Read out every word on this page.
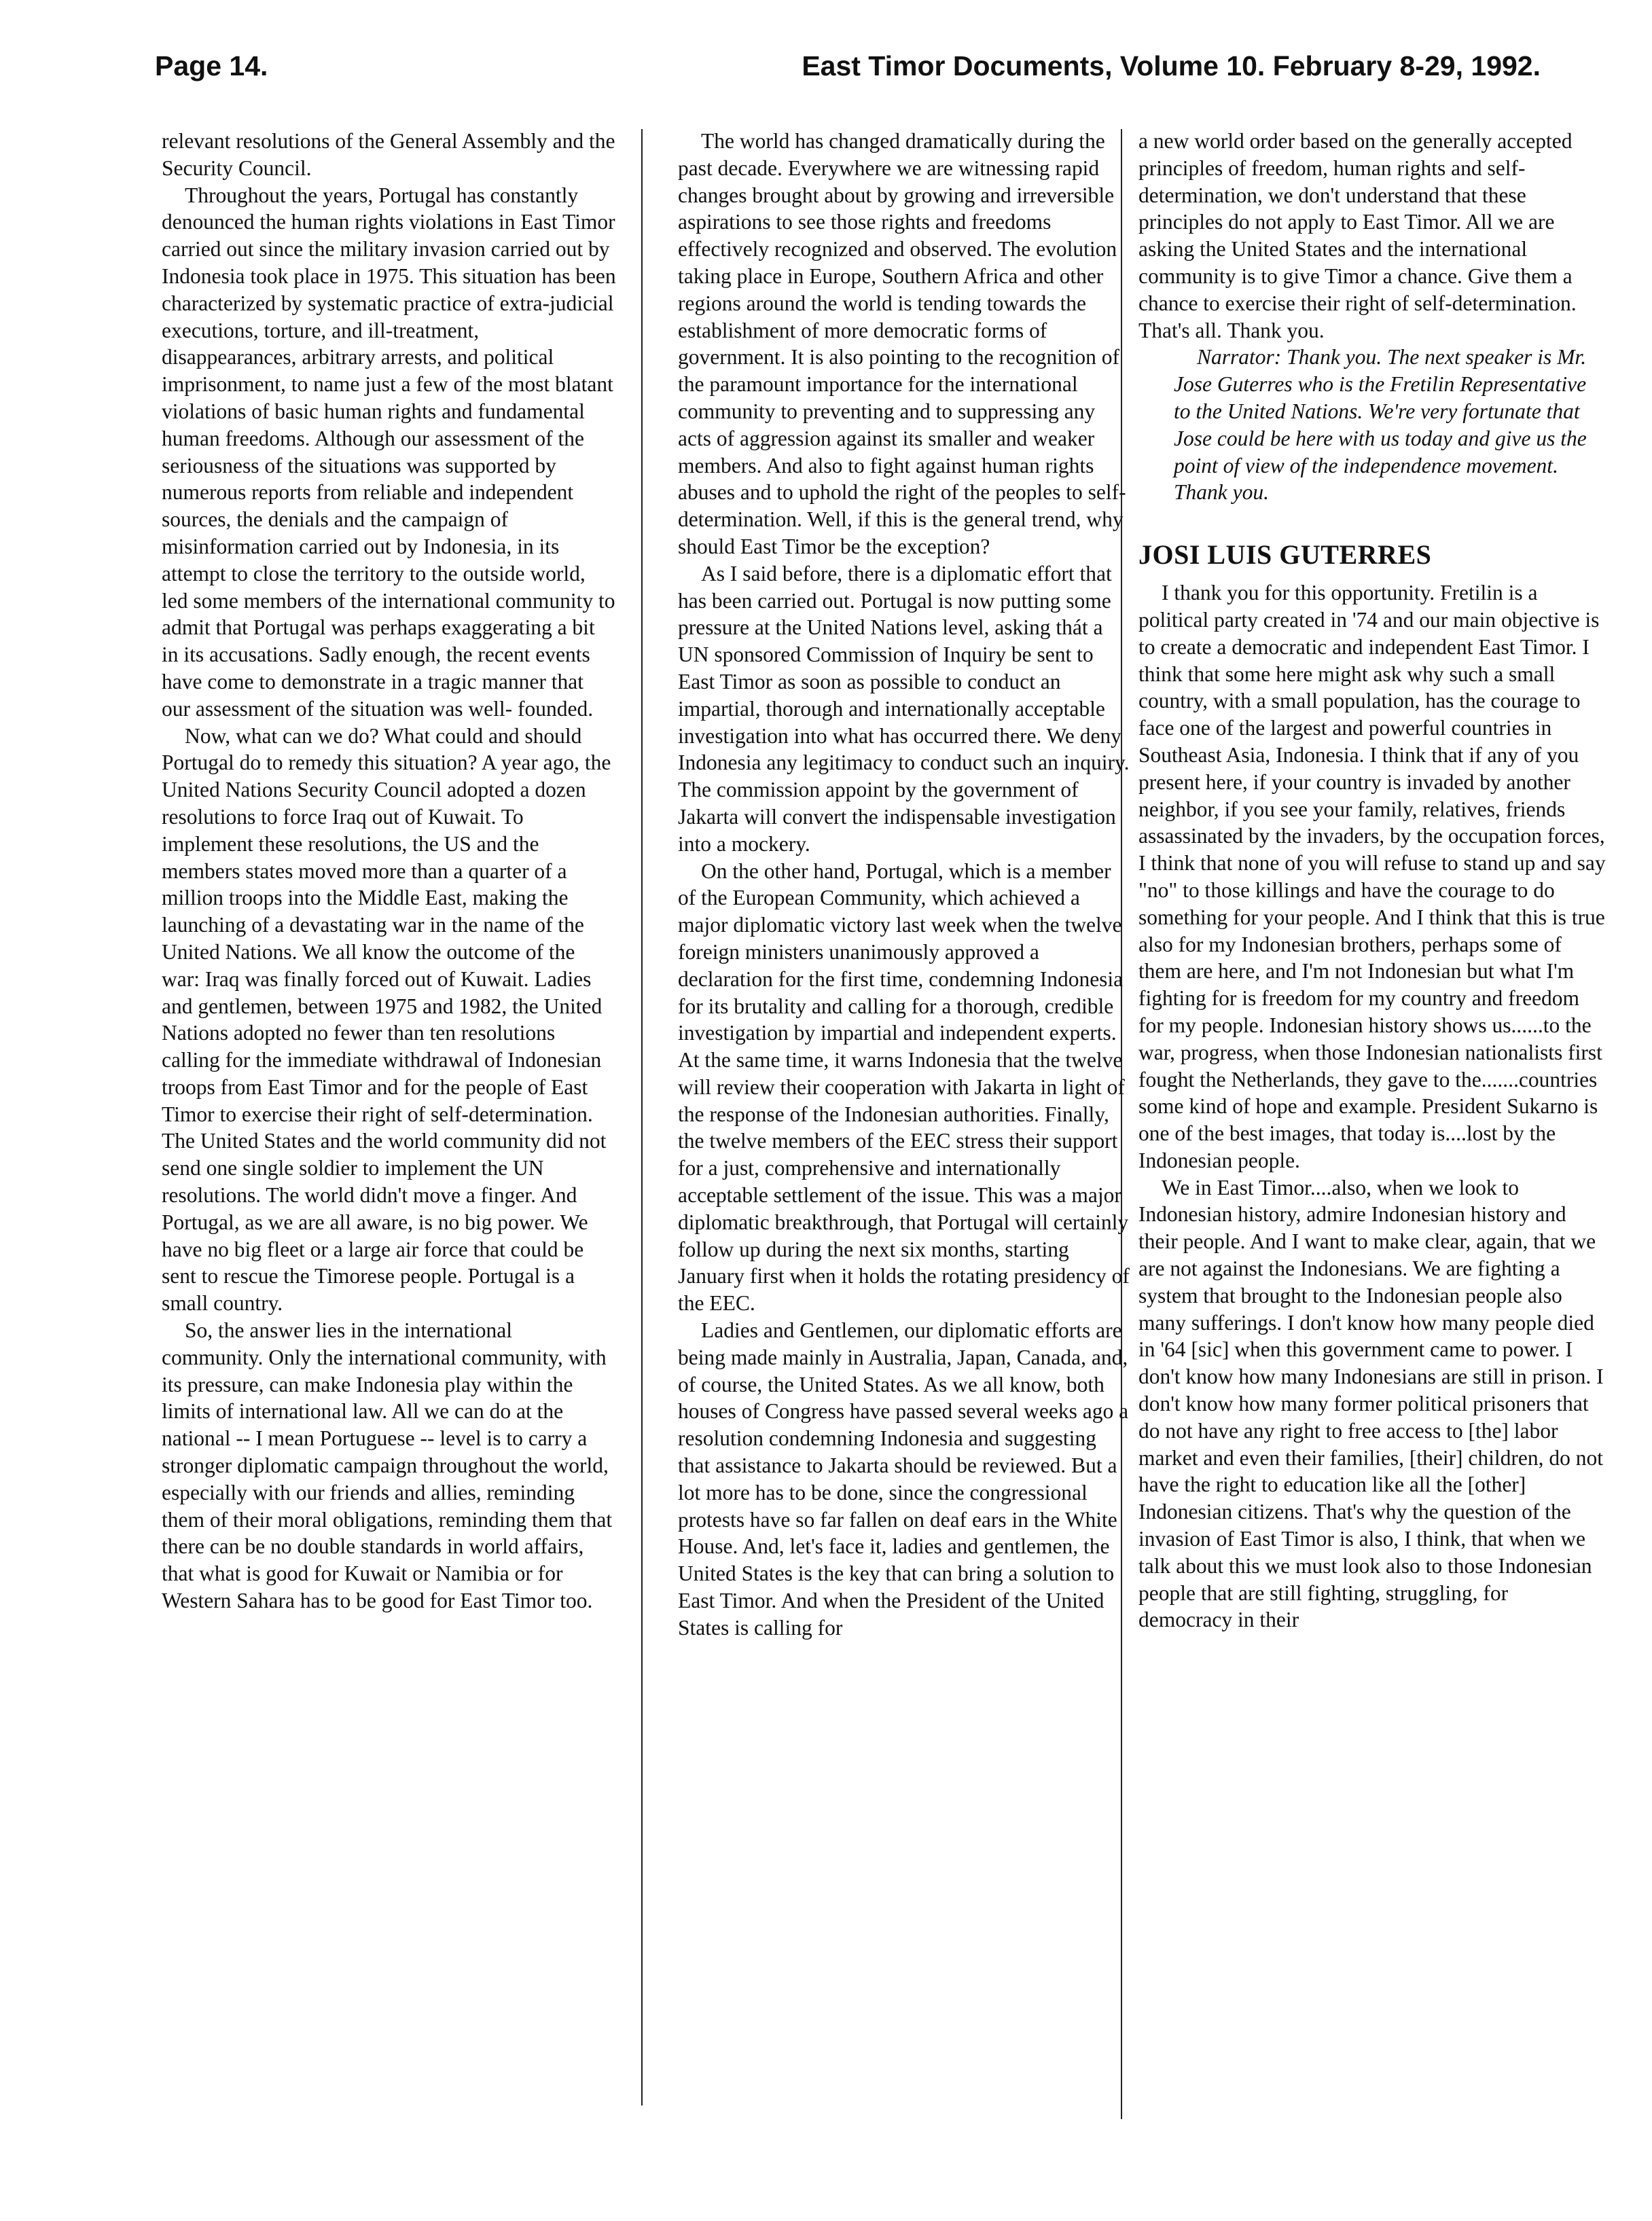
Page 14.	East Timor Documents, Volume 10. February 8-29, 1992.

relevant resolutions of the General Assembly and the Security Council.

Throughout the years, Portugal has constantly denounced the human rights violations in East Timor carried out since the military invasion carried out by Indonesia took place in 1975. This situation has been characterized by systematic practice of extra-judicial executions, torture, and ill-treatment, disappearances, arbitrary arrests, and political imprisonment, to name just a few of the most blatant violations of basic human rights and fundamental human freedoms. Although our assessment of the seriousness of the situations was supported by numerous reports from reliable and independent sources, the denials and the campaign of misinformation carried out by Indonesia, in its attempt to close the territory to the outside world, led some members of the international community to admit that Portugal was perhaps exaggerating a bit in its accusations. Sadly enough, the recent events have come to demonstrate in a tragic manner that our assessment of the situation was well- founded.

Now, what can we do? What could and should Portugal do to remedy this situation? A year ago, the United Nations Security Council adopted a dozen resolutions to force Iraq out of Kuwait. To implement these resolutions, the US and the members states moved more than a quarter of a million troops into the Middle East, making the launching of a devastating war in the name of the United Nations. We all know the outcome of the war: Iraq was finally forced out of Kuwait. Ladies and gentlemen, between 1975 and 1982, the United Nations adopted no fewer than ten resolutions calling for the immediate withdrawal of Indonesian troops from East Timor and for the people of East Timor to exercise their right of self-determination. The United States and the world community did not send one single soldier to implement the UN resolutions. The world didn't move a finger. And Portugal, as we are all aware, is no big power. We have no big fleet or a large air force that could be sent to rescue the Timorese people. Portugal is a small country.

So, the answer lies in the international community. Only the international community, with its pressure, can make Indonesia play within the limits of international law. All we can do at the national -- I mean Portuguese -- level is to carry a stronger diplomatic campaign throughout the world, especially with our friends and allies, reminding them of their moral obligations, reminding them that there can be no double standards in world affairs, that what is good for Kuwait or Namibia or for Western Sahara has to be good for East Timor too.

The world has changed dramatically during the past decade. Everywhere we are witnessing rapid changes brought about by growing and irreversible aspirations to see those rights and freedoms effectively recognized and observed. The evolution taking place in Europe, Southern Africa and other regions around the world is tending towards the establishment of more democratic forms of government. It is also pointing to the recognition of the paramount importance for the international community to preventing and to suppressing any acts of aggression against its smaller and weaker members. And also to fight against human rights abuses and to uphold the right of the peoples to self-determination. Well, if this is the general trend, why should East Timor be the exception?

As I said before, there is a diplomatic effort that has been carried out. Portugal is now putting some pressure at the United Nations level, asking thát a UN sponsored Commission of Inquiry be sent to East Timor as soon as possible to conduct an impartial, thorough and internationally acceptable investigation into what has occurred there. We deny Indonesia any legitimacy to conduct such an inquiry. The commission appoint by the government of Jakarta will convert the indispensable investigation into a mockery.

On the other hand, Portugal, which is a member of the European Community, which achieved a major diplomatic victory last week when the twelve foreign ministers unanimously approved a declaration for the first time, condemning Indonesia for its brutality and calling for a thorough, credible investigation by impartial and independent experts. At the same time, it warns Indonesia that the twelve will review their cooperation with Jakarta in light of the response of the Indonesian authorities. Finally, the twelve members of the EEC stress their support for a just, comprehensive and internationally acceptable settlement of the issue. This was a major diplomatic breakthrough, that Portugal will certainly follow up during the next six months, starting January first when it holds the rotating presidency of the EEC.

Ladies and Gentlemen, our diplomatic efforts are being made mainly in Australia, Japan, Canada, and, of course, the United States. As we all know, both houses of Congress have passed several weeks ago a resolution condemning Indonesia and suggesting that assistance to Jakarta should be reviewed. But a lot more has to be done, since the congressional protests have so far fallen on deaf ears in the White House. And, let's face it, ladies and gentlemen, the United States is the key that can bring a solution to East Timor. And when the President of the United States is calling for

a new world order based on the generally accepted principles of freedom, human rights and self-determination, we don't understand that these principles do not apply to East Timor. All we are asking the United States and the international community is to give Timor a chance. Give them a chance to exercise their right of self-determination. That's all. Thank you.

Narrator: Thank you. The next speaker is Mr. Jose Guterres who is the Fretilin Representative to the United Nations. We're very fortunate that Jose could be here with us today and give us the point of view of the independence movement. Thank you.

JOSI LUIS GUTERRES

I thank you for this opportunity. Fretilin is a political party created in '74 and our main objective is to create a democratic and independent East Timor. I think that some here might ask why such a small country, with a small population, has the courage to face one of the largest and powerful countries in Southeast Asia, Indonesia. I think that if any of you present here, if your country is invaded by another neighbor, if you see your family, relatives, friends assassinated by the invaders, by the occupation forces, I think that none of you will refuse to stand up and say "no" to those killings and have the courage to do something for your people. And I think that this is true also for my Indonesian brothers, perhaps some of them are here, and I'm not Indonesian but what I'm fighting for is freedom for my country and freedom for my people. Indonesian history shows us......to the war, progress, when those Indonesian nationalists first fought the Netherlands, they gave to the.......countries some kind of hope and example. President Sukarno is one of the best images, that today is....lost by the Indonesian people.

We in East Timor....also, when we look to Indonesian history, admire Indonesian history and their people. And I want to make clear, again, that we are not against the Indonesians. We are fighting a system that brought to the Indonesian people also many sufferings. I don't know how many people died in '64 [sic] when this government came to power. I don't know how many Indonesians are still in prison. I don't know how many former political prisoners that do not have any right to free access to [the] labor market and even their families, [their] children, do not have the right to education like all the [other] Indonesian citizens. That's why the question of the invasion of East Timor is also, I think, that when we talk about this we must look also to those Indonesian people that are still fighting, struggling, for democracy in their
